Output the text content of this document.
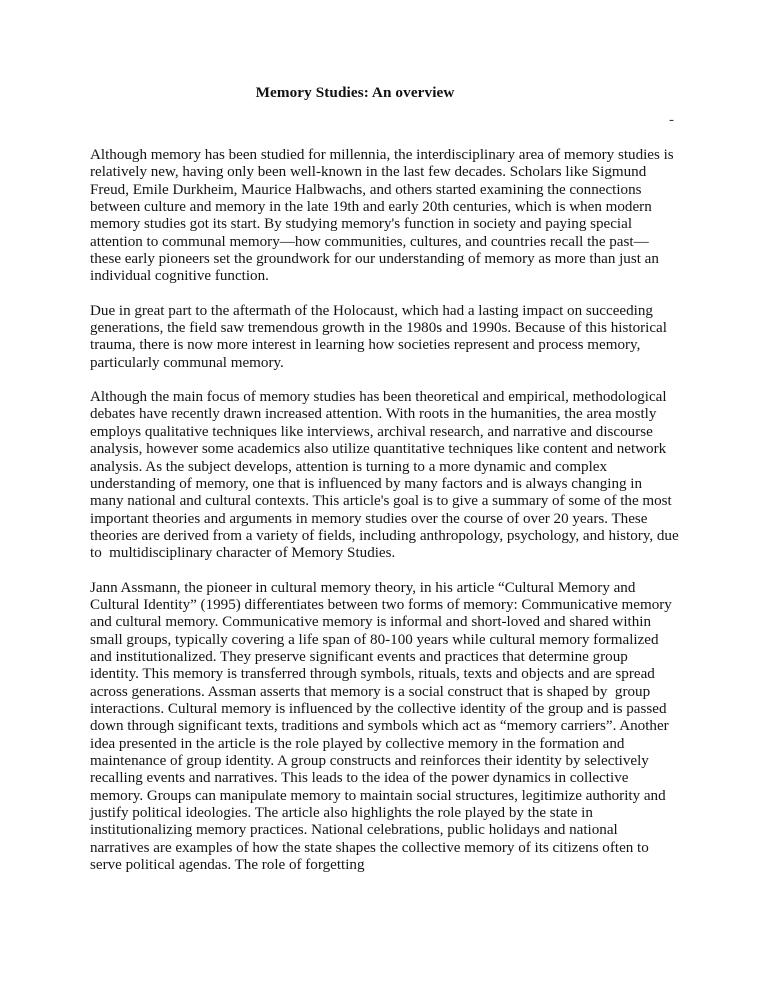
Memory Studies: An overview
-

Although memory has been studied for millennia, the interdisciplinary area of memory studies is relatively new, having only been well-known in the last few decades. Scholars like Sigmund Freud, Emile Durkheim, Maurice Halbwachs, and others started examining the connections between culture and memory in the late 19th and early 20th centuries, which is when modern memory studies got its start. By studying memory's function in society and paying special attention to communal memory—how communities, cultures, and countries recall the past—these early pioneers set the groundwork for our understanding of memory as more than just an individual cognitive function.

Due in great part to the aftermath of the Holocaust, which had a lasting impact on succeeding generations, the field saw tremendous growth in the 1980s and 1990s. Because of this historical trauma, there is now more interest in learning how societies represent and process memory, particularly communal memory.

Although the main focus of memory studies has been theoretical and empirical, methodological debates have recently drawn increased attention. With roots in the humanities, the area mostly employs qualitative techniques like interviews, archival research, and narrative and discourse analysis, however some academics also utilize quantitative techniques like content and network analysis. As the subject develops, attention is turning to a more dynamic and complex understanding of memory, one that is influenced by many factors and is always changing in many national and cultural contexts. This article's goal is to give a summary of some of the most important theories and arguments in memory studies over the course of over 20 years. These theories are derived from a variety of fields, including anthropology, psychology, and history, due to  multidisciplinary character of Memory Studies.

Jann Assmann, the pioneer in cultural memory theory, in his article “Cultural Memory and Cultural Identity” (1995) differentiates between two forms of memory: Communicative memory and cultural memory. Communicative memory is informal and short-loved and shared within small groups, typically covering a life span of 80-100 years while cultural memory formalized and institutionalized. They preserve significant events and practices that determine group identity. This memory is transferred through symbols, rituals, texts and objects and are spread across generations. Assman asserts that memory is a social construct that is shaped by  group interactions. Cultural memory is influenced by the collective identity of the group and is passed down through significant texts, traditions and symbols which act as “memory carriers”. Another idea presented in the article is the role played by collective memory in the formation and maintenance of group identity. A group constructs and reinforces their identity by selectively recalling events and narratives. This leads to the idea of the power dynamics in collective memory. Groups can manipulate memory to maintain social structures, legitimize authority and justify political ideologies. The article also highlights the role played by the state in institutionalizing memory practices. National celebrations, public holidays and national narratives are examples of how the state shapes the collective memory of its citizens often to serve political agendas. The role of forgetting
